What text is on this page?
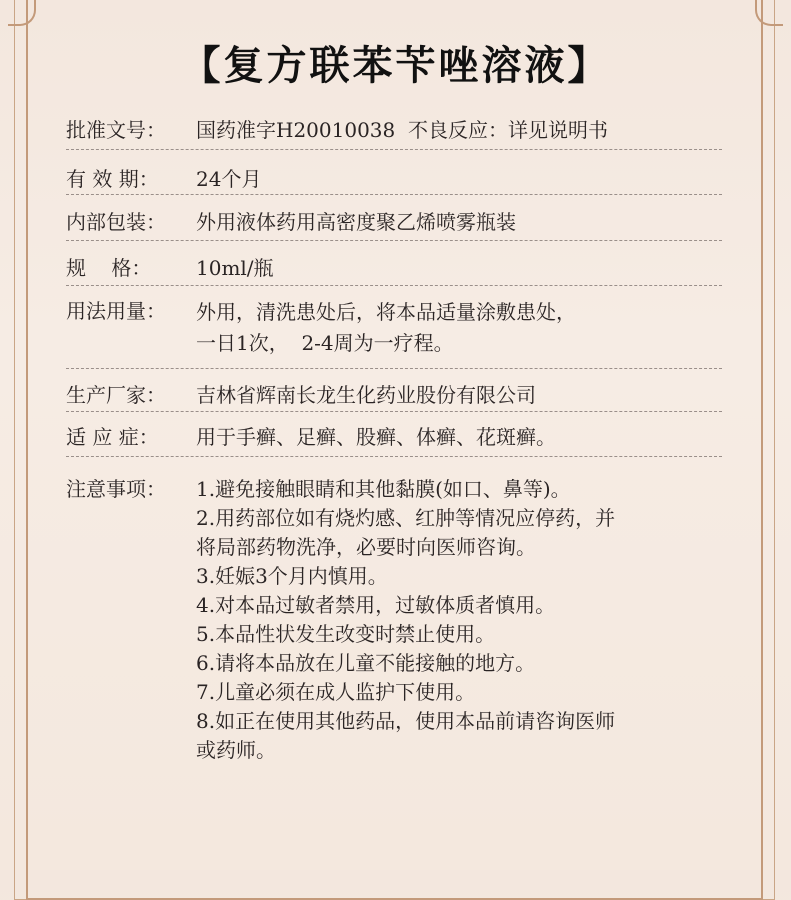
【复方联苯苄唑溶液】
批准文号：	国药准字H20010038  不良反应：详见说明书
有 效 期：	24个月
内部包装：	外用液体药用高密度聚乙烯喷雾瓶装
规    格：	10ml/瓶
用法用量：	外用，清洗患处后，将本品适量涂敷患处，
一日1次，  2-4周为一疗程。
生产厂家：	吉林省辉南长龙生化药业股份有限公司
适 应 症：	用于手癣、足癣、股癣、体癣、花斑癣。
注意事项：	1.避免接触眼睛和其他黏膜(如口、鼻等)。
2.用药部位如有烧灼感、红肿等情况应停药，并
将局部药物洗净，必要时向医师咨询。
3.妊娠3个月内慎用。
4.对本品过敏者禁用，过敏体质者慎用。
5.本品性状发生改变时禁止使用。
6.请将本品放在儿童不能接触的地方。
7.儿童必须在成人监护下使用。
8.如正在使用其他药品，使用本品前请咨询医师
或药师。
